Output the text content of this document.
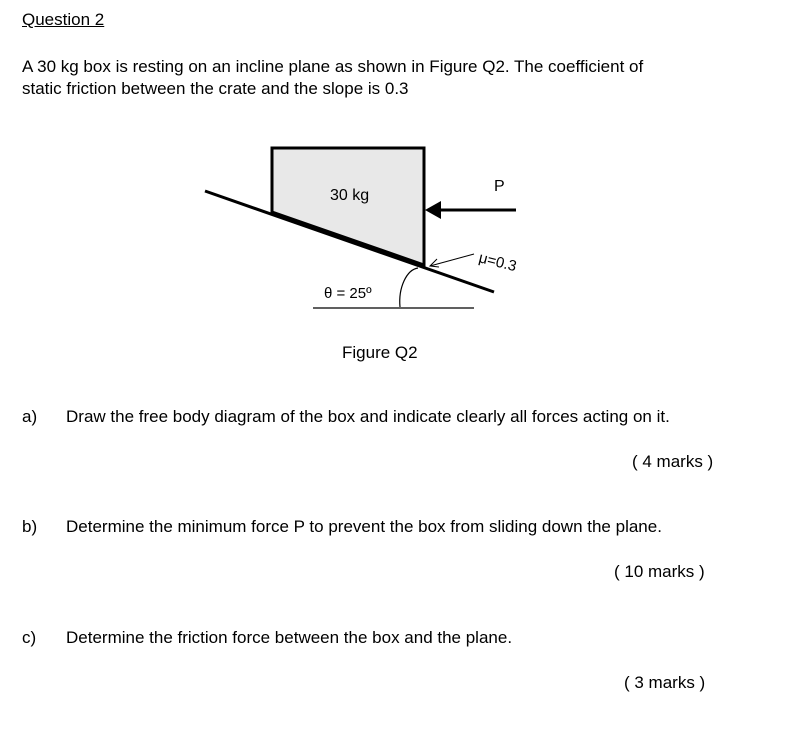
Question 2
A 30 kg box is resting on an incline plane as shown in Figure Q2. The coefficient of
static friction between the crate and the slope is 0.3
30 kg
P
μ=0.3
θ = 25º
Figure Q2
a) Draw the free body diagram of the box and indicate clearly all forces acting on it.
( 4 marks )
b) Determine the minimum force P to prevent the box from sliding down the plane.
( 10 marks )
c) Determine the friction force between the box and the plane.
( 3 marks )
